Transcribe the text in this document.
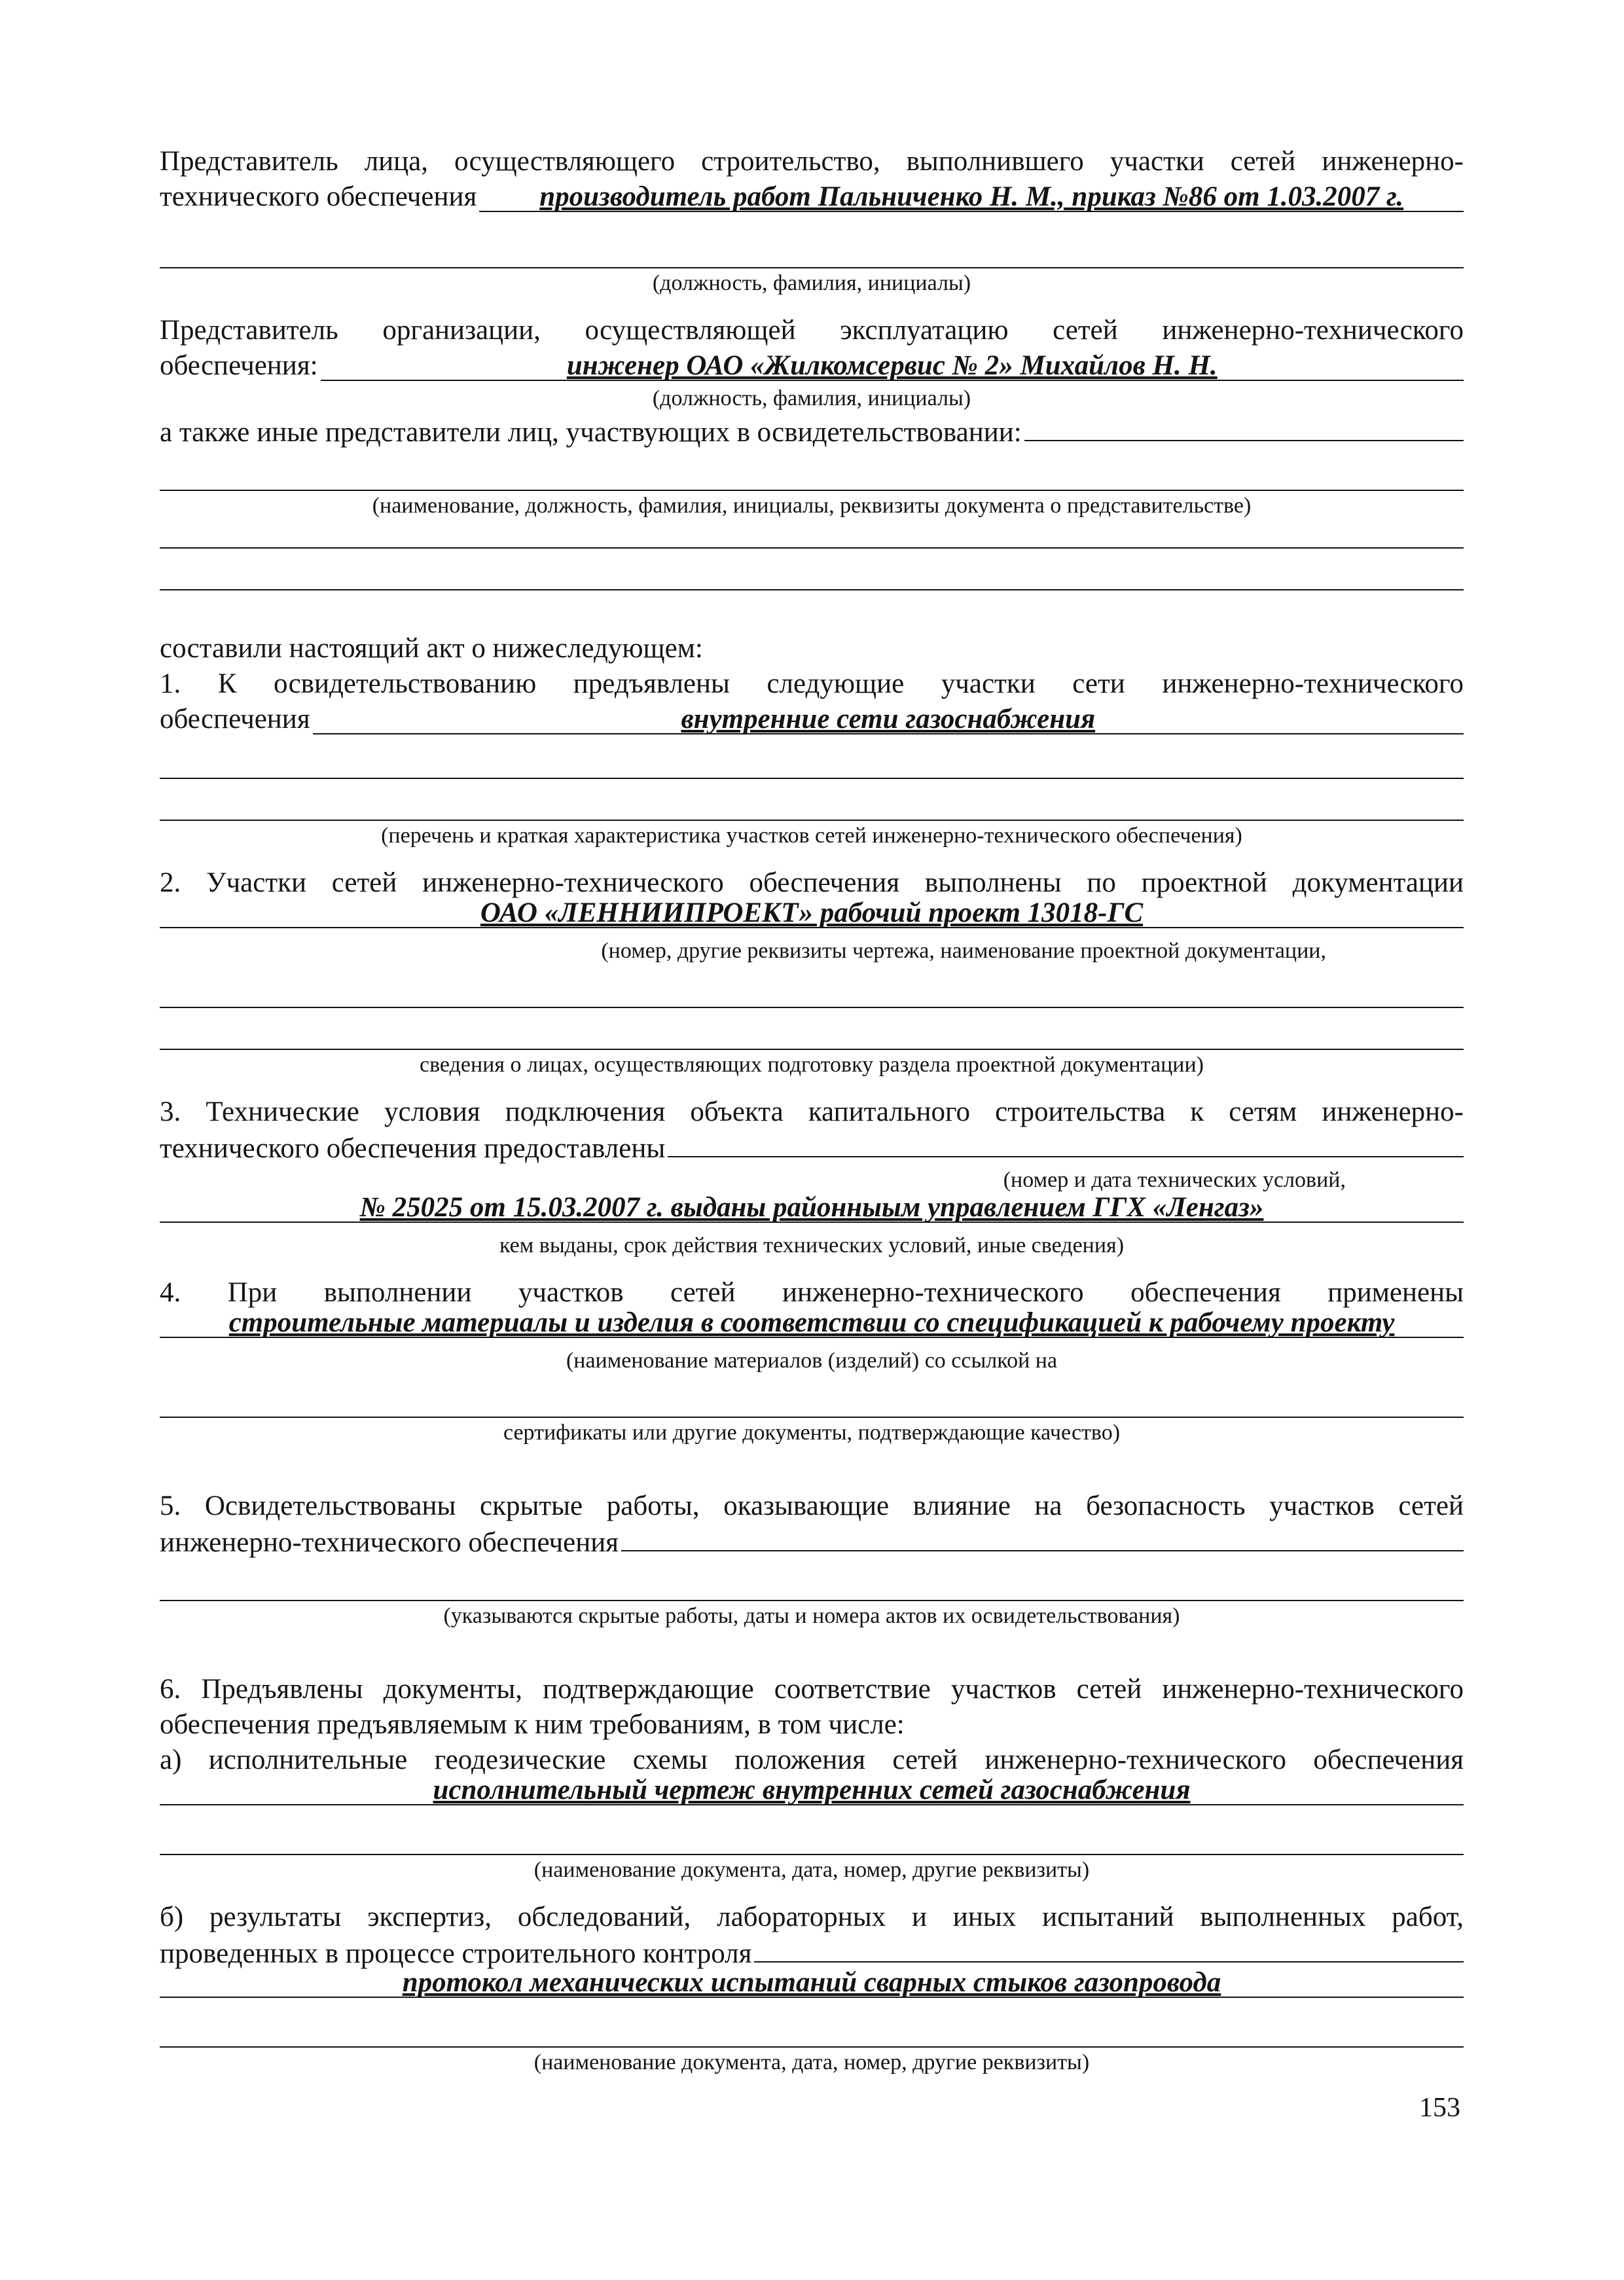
Представитель лица, осуществляющего строительство, выполнившего участки сетей инженерно-
технического обеспечения производитель работ Пальниченко Н. М., приказ №86 от 1.03.2007 г.
(должность, фамилия, инициалы)
Представитель организации, осуществляющей эксплуатацию сетей инженерно-технического
обеспечения:	инженер ОАО «Жилкомсервис № 2» Михайлов Н. Н.
(должность, фамилия, инициалы)
а также иные представители лиц, участвующих в освидетельствовании:
(наименование, должность, фамилия, инициалы, реквизиты документа о представительстве)
составили настоящий акт о нижеследующем:
1. К освидетельствованию предъявлены следующие участки сети инженерно-технического
обеспечения	внутренние сети газоснабжения
(перечень и краткая характеристика участков сетей инженерно-технического обеспечения)
2. Участки сетей инженерно-технического обеспечения выполнены по проектной документации
ОАО «ЛЕННИИПРОЕКТ» рабочий проект 13018-ГС
(номер, другие реквизиты чертежа, наименование проектной документации,
сведения о лицах, осуществляющих подготовку раздела проектной документации)
3. Технические условия подключения объекта капитального строительства к сетям инженерно-
технического обеспечения предоставлены
(номер и дата технических условий,
№ 25025 от 15.03.2007 г. выданы районныым управлением ГГХ «Ленгаз»
кем выданы, срок действия технических условий, иные сведения)
4. При выполнении участков сетей инженерно-технического обеспечения применены
строительные материалы и изделия в соответствии со спецификацией к рабочему проекту
(наименование материалов (изделий) со ссылкой на
сертификаты или другие документы, подтверждающие качество)
5. Освидетельствованы скрытые работы, оказывающие влияние на безопасность участков сетей
инженерно-технического обеспечения
(указываются скрытые работы, даты и номера актов их освидетельствования)
6. Предъявлены документы, подтверждающие соответствие участков сетей инженерно-технического
обеспечения предъявляемым к ним требованиям, в том числе:
а) исполнительные геодезические схемы положения сетей инженерно-технического обеспечения
исполнительный чертеж внутренних сетей газоснабжения
(наименование документа, дата, номер, другие реквизиты)
б) результаты экспертиз, обследований, лабораторных и иных испытаний выполненных работ,
проведенных в процессе строительного контроля
протокол механических испытаний сварных стыков газопровода
(наименование документа, дата, номер, другие реквизиты)
153
